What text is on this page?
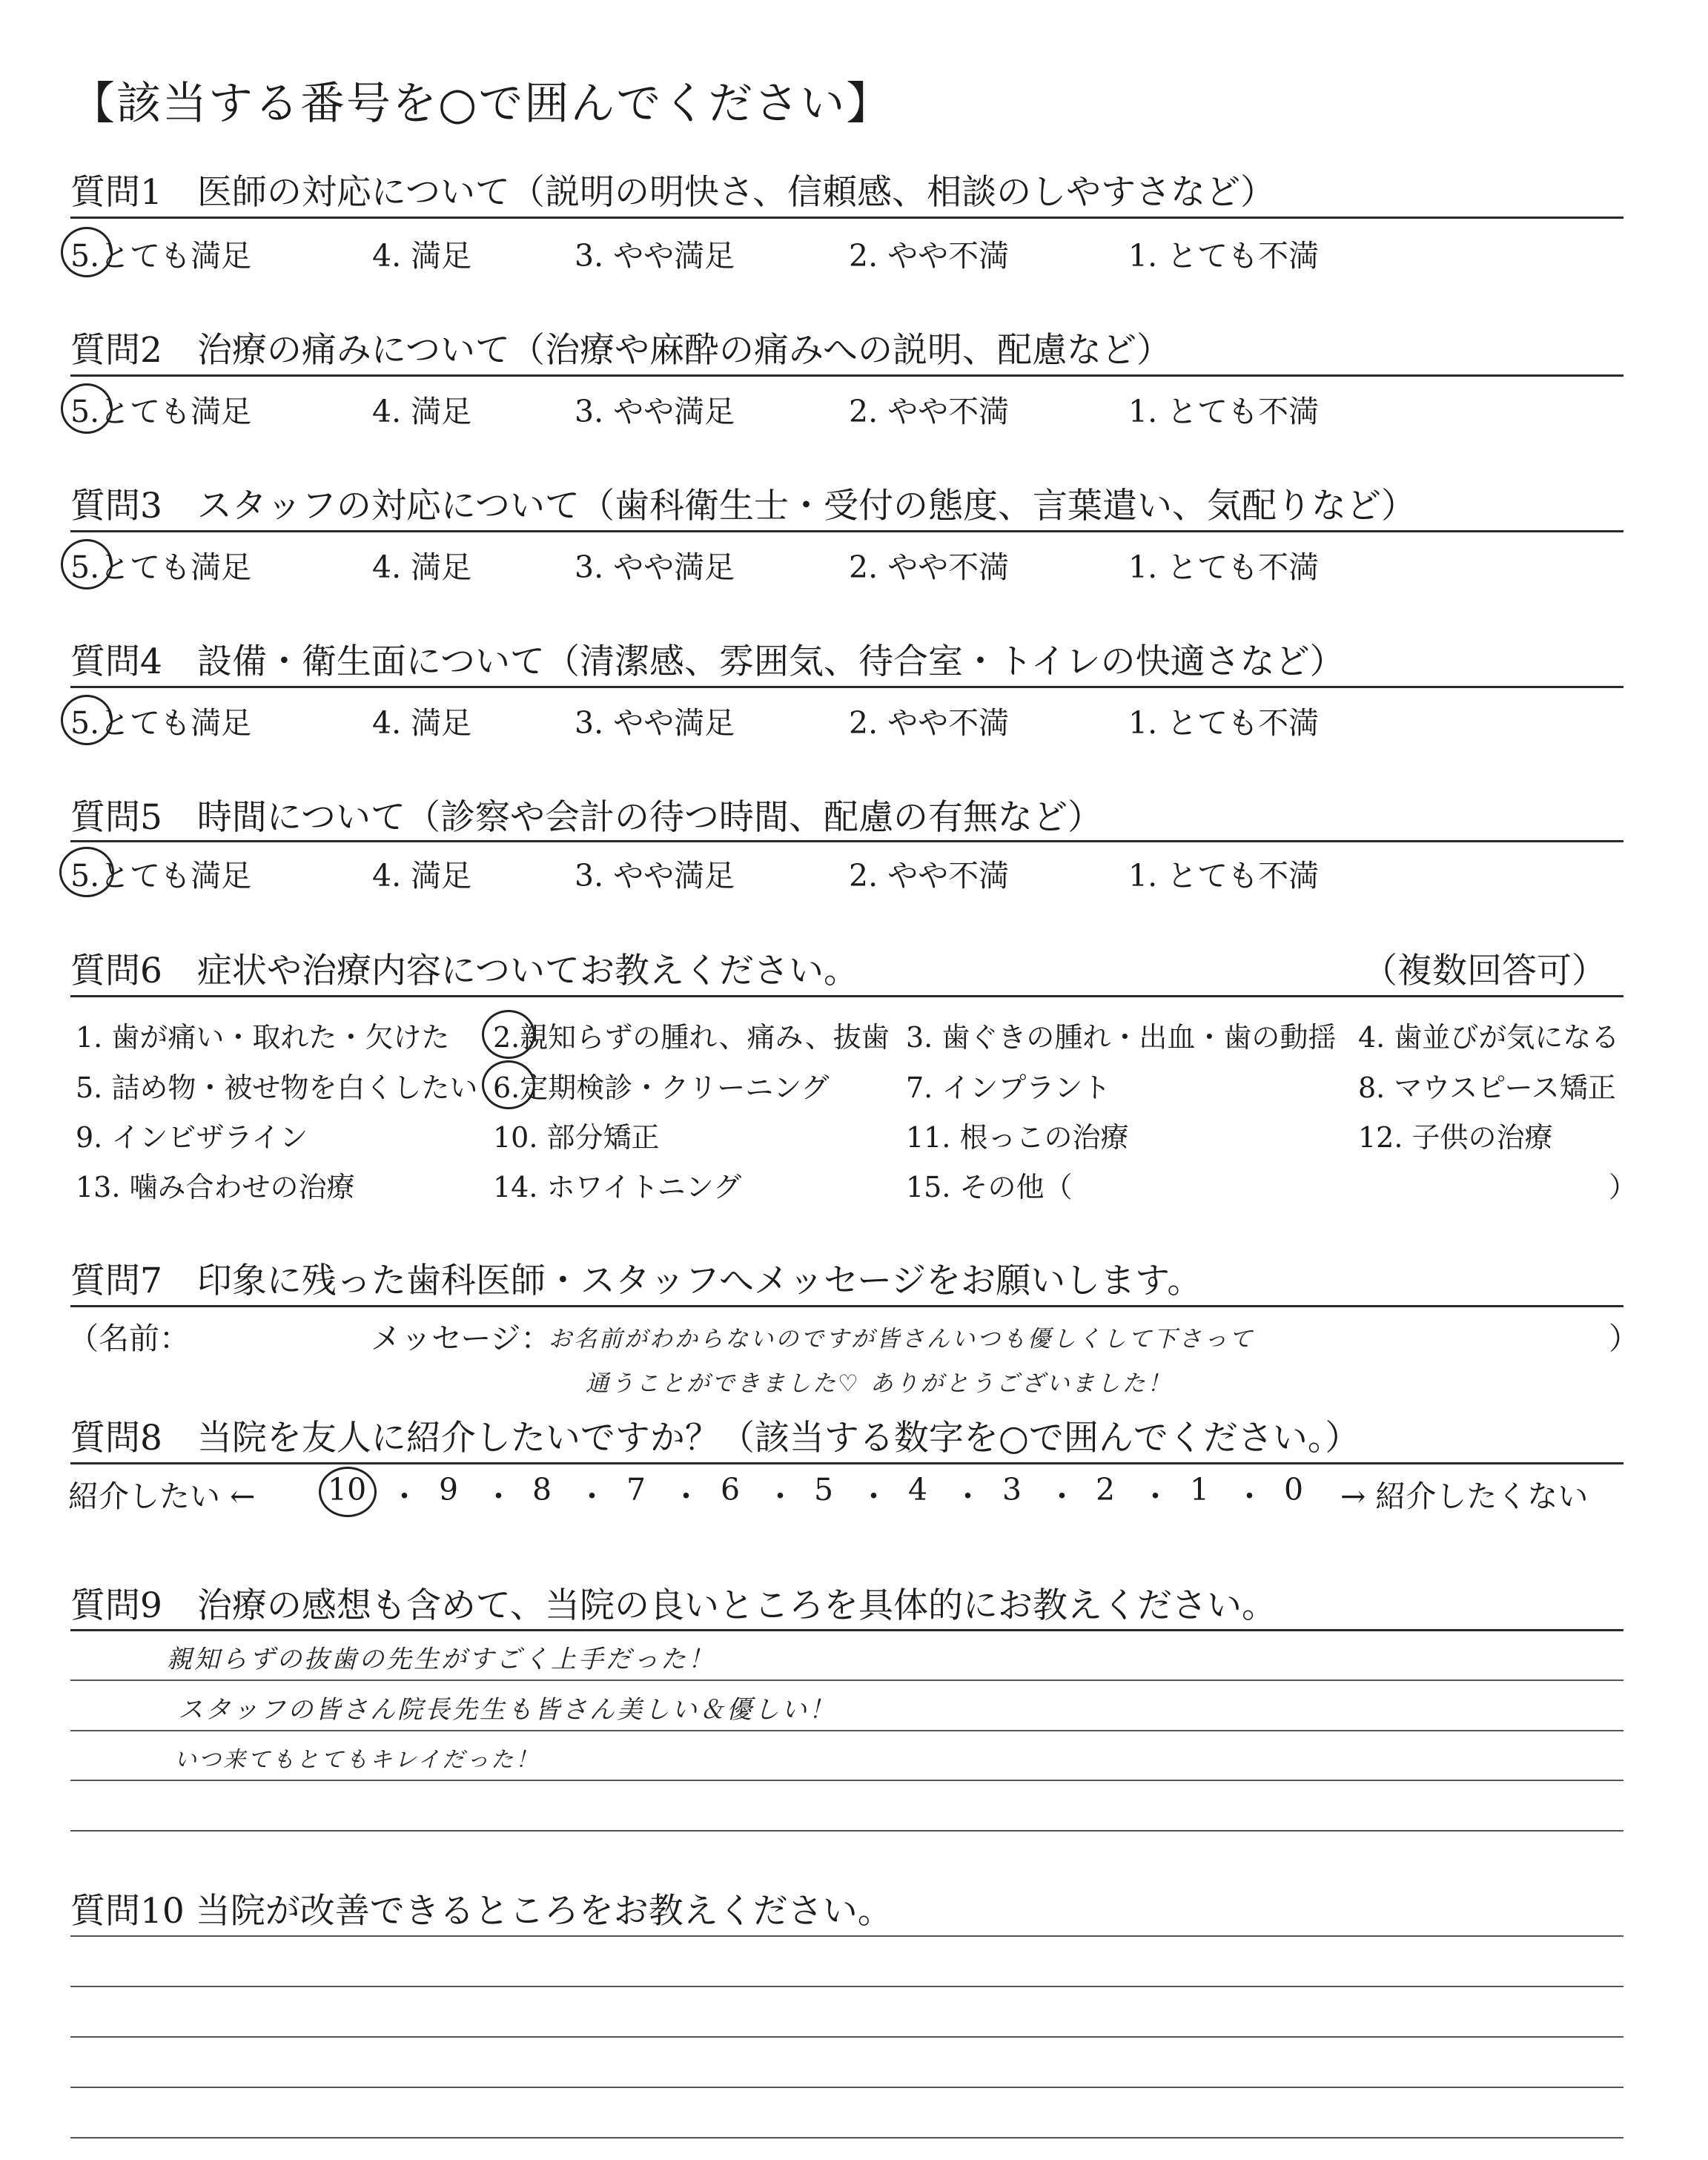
【該当する番号を○で囲んでください】
質問1　医師の対応について（説明の明快さ、信頼感、相談のしやすさなど）
5.とても満足	4. 満足	3. やや満足	2. やや不満	1. とても不満
質問2　治療の痛みについて（治療や麻酔の痛みへの説明、配慮など）
5.とても満足	4. 満足	3. やや満足	2. やや不満	1. とても不満
質問3　スタッフの対応について（歯科衛生士・受付の態度、言葉遣い、気配りなど）
5.とても満足	4. 満足	3. やや満足	2. やや不満	1. とても不満
質問4　設備・衛生面について（清潔感、雰囲気、待合室・トイレの快適さなど）
5.とても満足	4. 満足	3. やや満足	2. やや不満	1. とても不満
質問5　時間について（診察や会計の待つ時間、配慮の有無など）
5.とても満足	4. 満足	3. やや満足	2. やや不満	1. とても不満
質問6　症状や治療内容についてお教えください。	（複数回答可）
1. 歯が痛い・取れた・欠けた 2.親知らずの腫れ、痛み、抜歯 3. 歯ぐきの腫れ・出血・歯の動揺 4. 歯並びが気になる
5. 詰め物・被せ物を白くしたい 6.定期検診・クリーニング	7. インプラント	8. マウスピース矯正
9. インビザライン	10. 部分矯正	11. 根っこの治療	12. 子供の治療
13. 噛み合わせの治療	14. ホワイトニング	15. その他（	）
質問7　印象に残った歯科医師・スタッフへメッセージをお願いします。
（名前：	メッセージ：	）
お名前がわからないのですが皆さんいつも優しくして下さって
通うことができました♡ ありがとうございました！
質問8　当院を友人に紹介したいですか？（該当する数字を○で囲んでください。）
紹介したい ← 10 ・ 9 ・ 8 ・ 7 ・ 6 ・ 5 ・ 4 ・ 3 ・ 2 ・ 1 ・ 0 → 紹介したくない
質問9　治療の感想も含めて、当院の良いところを具体的にお教えください。
親知らずの抜歯の先生がすごく上手だった！
スタッフの皆さん院長先生も皆さん美しい＆優しい！
いつ来てもとてもキレイだった！
質問10 当院が改善できるところをお教えください。
